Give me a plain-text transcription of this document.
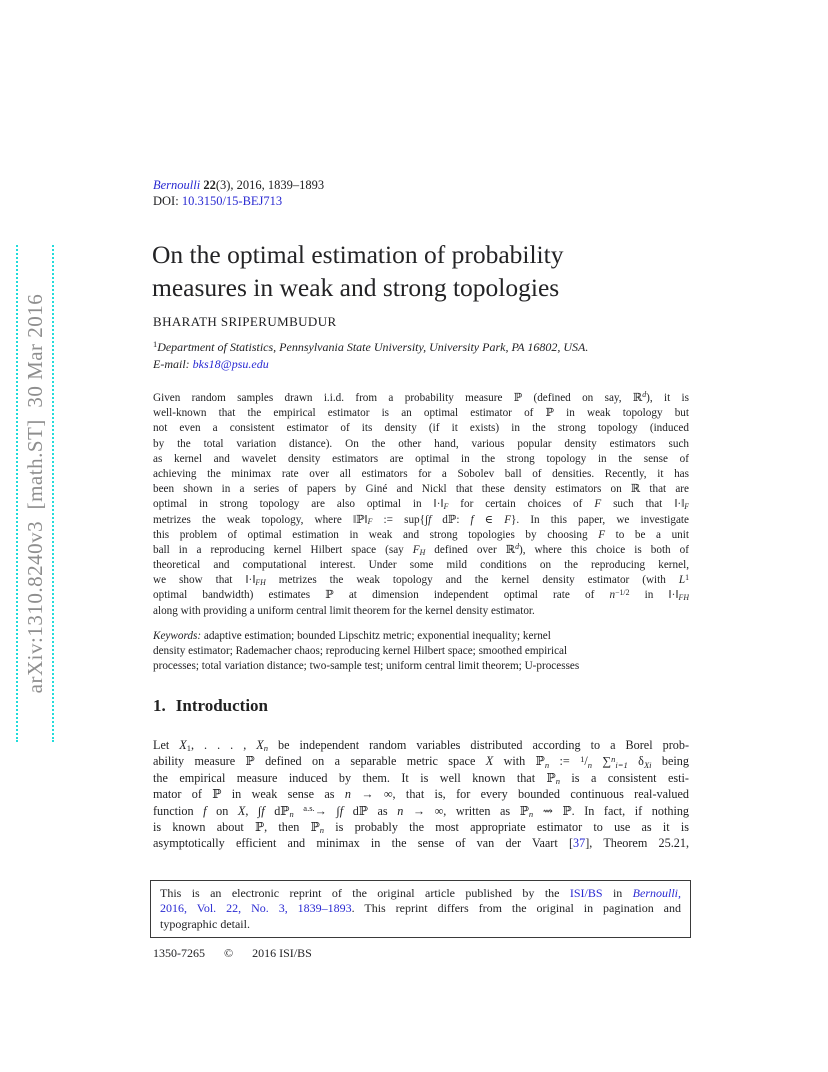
arXiv:1310.8240v3  [math.ST]  30 Mar 2016
Bernoulli 22(3), 2016, 1839–1893
DOI: 10.3150/15-BEJ713
On the optimal estimation of probability
measures in weak and strong topologies
BHARATH SRIPERUMBUDUR
$^1$Department of Statistics, Pennsylvania State University, University Park, PA 16802, USA.
E-mail: bks18@psu.edu
Given random samples drawn i.i.d. from a probability measure ℙ (defined on say, ℝ$^d$), it is
well-known that the empirical estimator is an optimal estimator of ℙ in weak topology but
not even a consistent estimator of its density (if it exists) in the strong topology (induced
by the total variation distance). On the other hand, various popular density estimators such
as kernel and wavelet density estimators are optimal in the strong topology in the sense of
achieving the minimax rate over all estimators for a Sobolev ball of densities. Recently, it has
been shown in a series of papers by Giné and Nickl that these density estimators on ℝ that are
optimal in strong topology are also optimal in ‖·‖F for certain choices of F such that ‖·‖F
metrizes the weak topology, where ‖ℙ‖F := sup{∫f dℙ: f ∈ F}. In this paper, we investigate
this problem of optimal estimation in weak and strong topologies by choosing F to be a unit
ball in a reproducing kernel Hilbert space (say FH defined over ℝ$^d$), where this choice is both of
theoretical and computational interest. Under some mild conditions on the reproducing kernel,
we show that ‖·‖FH metrizes the weak topology and the kernel density estimator (with $L^1$
optimal bandwidth) estimates ℙ at dimension independent optimal rate of $n^{-1/2}$ in ‖·‖FH
along with providing a uniform central limit theorem for the kernel density estimator.
Keywords: adaptive estimation; bounded Lipschitz metric; exponential inequality; kernel
density estimator; Rademacher chaos; reproducing kernel Hilbert space; smoothed empirical
processes; total variation distance; two-sample test; uniform central limit theorem; U-processes
1. Introduction
Let X1, . . . , Xn be independent random variables distributed according to a Borel prob-
ability measure ℙ defined on a separable metric space X with ℙn := $^1$/n ∑$^n$i=1 δXi being
the empirical measure induced by them. It is well known that ℙn is a consistent esti-
mator of ℙ in weak sense as n → ∞, that is, for every bounded continuous real-valued
function f on X, ∫f dℙn $^{a.s.}$→ ∫f dℙ as n → ∞, written as ℙn ⇝ ℙ. In fact, if nothing
is known about ℙ, then ℙn is probably the most appropriate estimator to use as it is
asymptotically efficient and minimax in the sense of van der Vaart [37], Theorem 25.21,
This is an electronic reprint of the original article published by the ISI/BS in Bernoulli,
2016, Vol. 22, No. 3, 1839–1893. This reprint differs from the original in pagination and
typographic detail.
1350-7265 © 2016 ISI/BS
